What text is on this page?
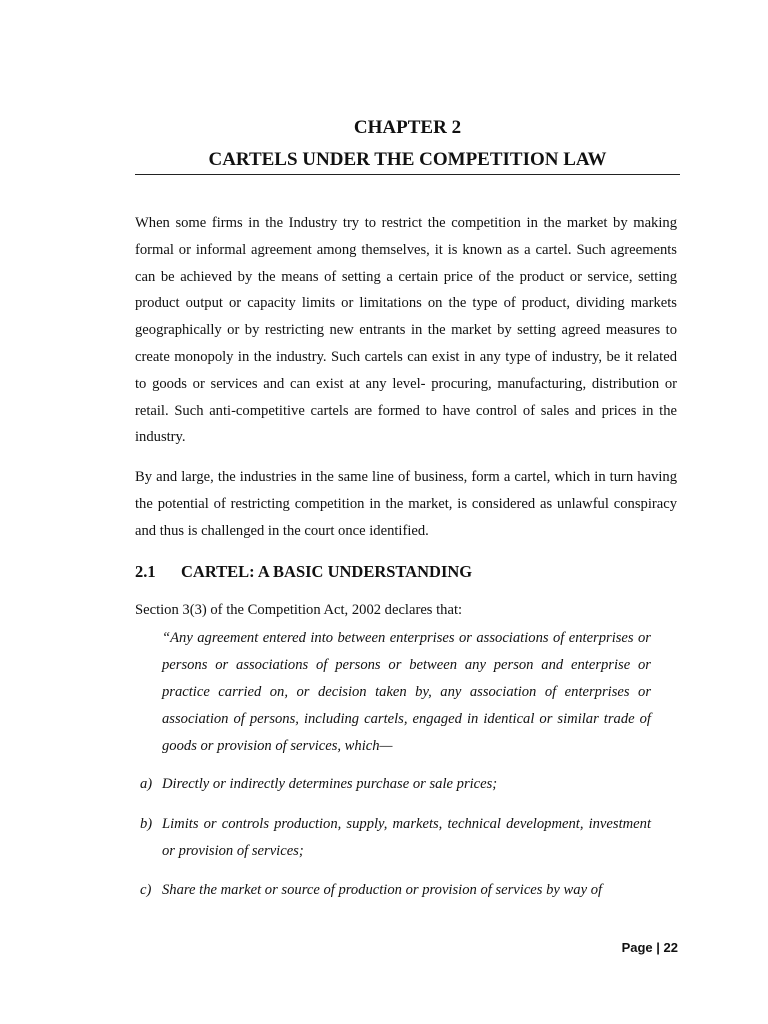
CHAPTER 2
CARTELS UNDER THE COMPETITION LAW
When some firms in the Industry try to restrict the competition in the market by making formal or informal agreement among themselves, it is known as a cartel. Such agreements can be achieved by the means of setting a certain price of the product or service, setting product output or capacity limits or limitations on the type of product, dividing markets geographically or by restricting new entrants in the market by setting agreed measures to create monopoly in the industry. Such cartels can exist in any type of industry, be it related to goods or services and can exist at any level- procuring, manufacturing, distribution or retail. Such anti-competitive cartels are formed to have control of sales and prices in the industry.
By and large, the industries in the same line of business, form a cartel, which in turn having the potential of restricting competition in the market, is considered as unlawful conspiracy and thus is challenged in the court once identified.
2.1 CARTEL: A BASIC UNDERSTANDING
Section 3(3) of the Competition Act, 2002 declares that:
“Any agreement entered into between enterprises or associations of enterprises or persons or associations of persons or between any person and enterprise or practice carried on, or decision taken by, any association of enterprises or association of persons, including cartels, engaged in identical or similar trade of goods or provision of services, which—
a) Directly or indirectly determines purchase or sale prices;
b) Limits or controls production, supply, markets, technical development, investment or provision of services;
c) Share the market or source of production or provision of services by way of
Page | 22
